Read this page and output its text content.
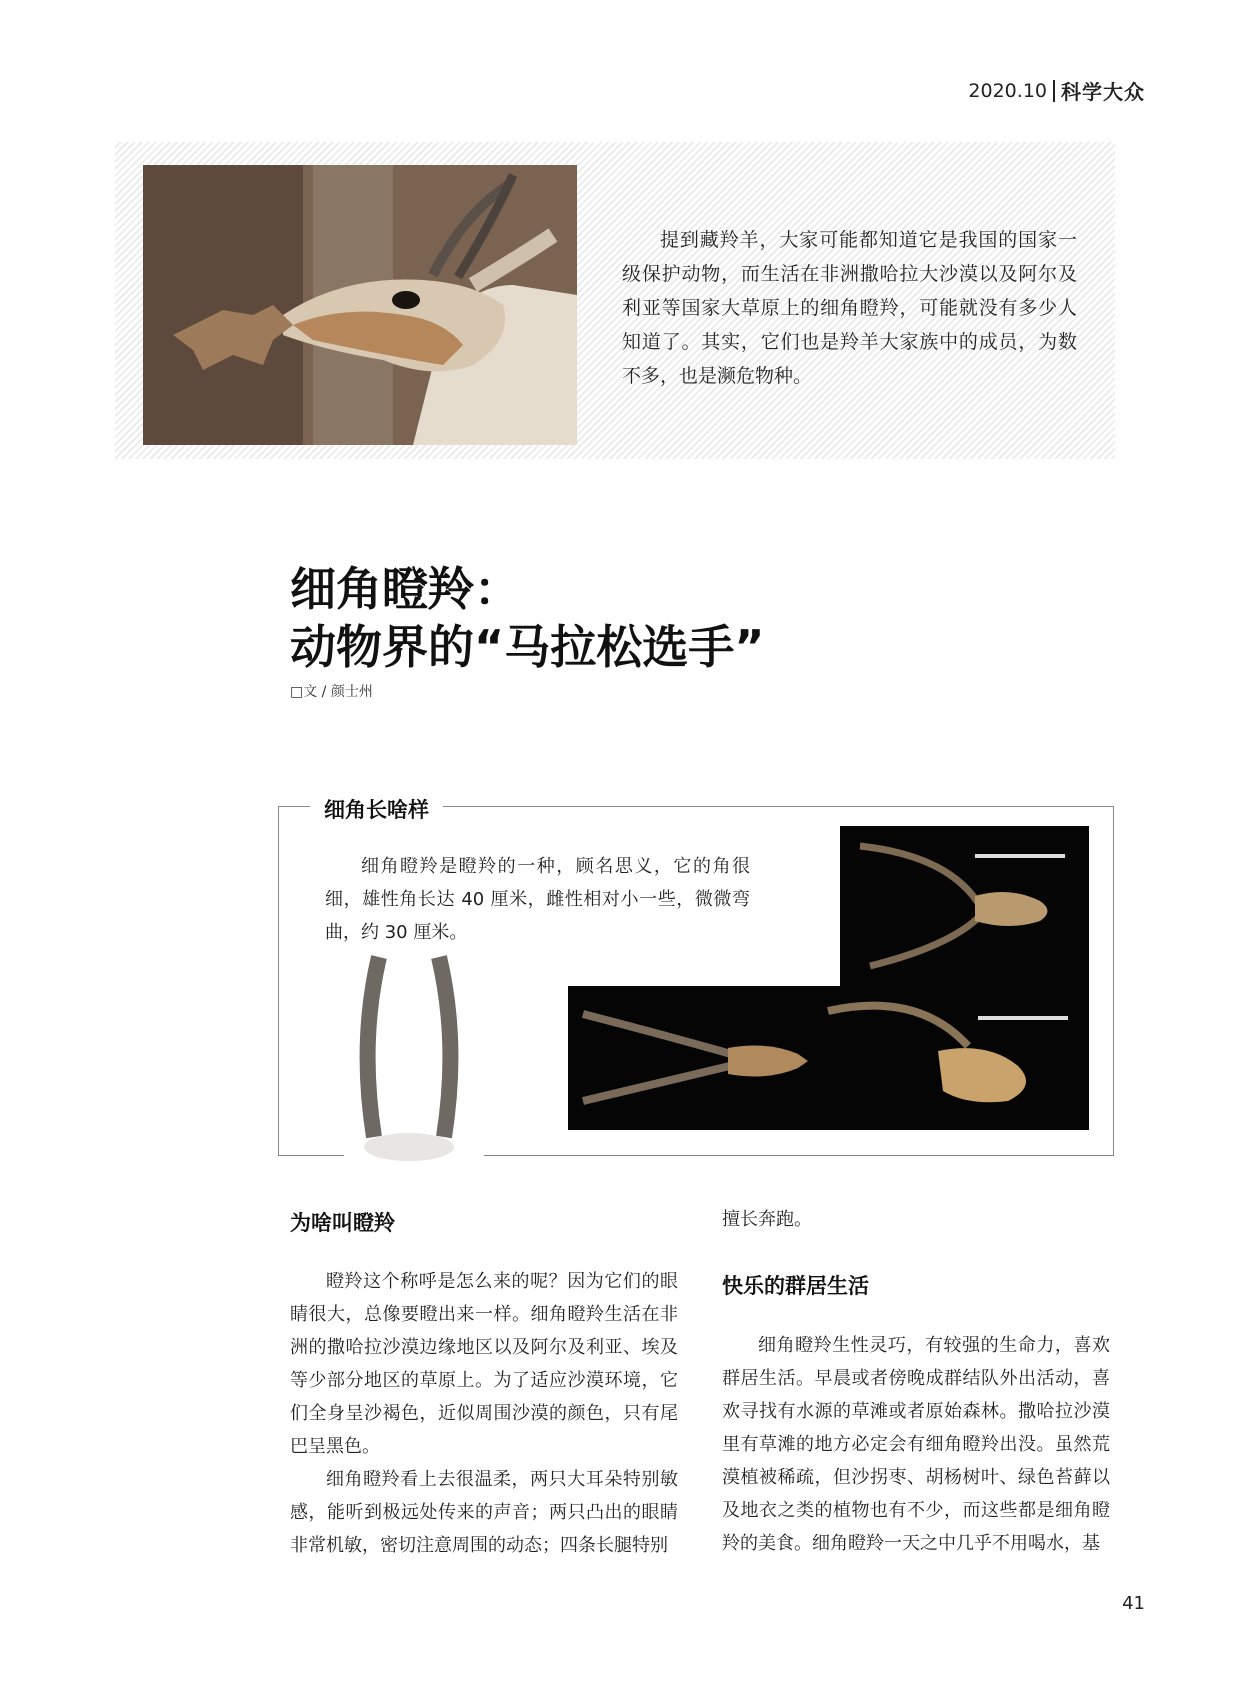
2020.10 科学大众
提到藏羚羊，大家可能都知道它是我国的国家一级保护动物，而生活在非洲撒哈拉大沙漠以及阿尔及利亚等国家大草原上的细角瞪羚，可能就没有多少人知道了。其实，它们也是羚羊大家族中的成员，为数不多，也是濒危物种。
细角瞪羚：
动物界的“马拉松选手”
□文 / 颜士州
细角长啥样
细角瞪羚是瞪羚的一种，顾名思义，它的角很细，雄性角长达 40 厘米，雌性相对小一些，微微弯曲，约 30 厘米。
为啥叫瞪羚

瞪羚这个称呼是怎么来的呢？因为它们的眼睛很大，总像要瞪出来一样。细角瞪羚生活在非洲的撒哈拉沙漠边缘地区以及阿尔及利亚、埃及等少部分地区的草原上。为了适应沙漠环境，它们全身呈沙褐色，近似周围沙漠的颜色，只有尾巴呈黑色。

细角瞪羚看上去很温柔，两只大耳朵特别敏感，能听到极远处传来的声音；两只凸出的眼睛非常机敏，密切注意周围的动态；四条长腿特别

擅长奔跑。

快乐的群居生活

细角瞪羚生性灵巧，有较强的生命力，喜欢群居生活。早晨或者傍晚成群结队外出活动，喜欢寻找有水源的草滩或者原始森林。撒哈拉沙漠里有草滩的地方必定会有细角瞪羚出没。虽然荒漠植被稀疏，但沙拐枣、胡杨树叶、绿色苔藓以及地衣之类的植物也有不少，而这些都是细角瞪羚的美食。细角瞪羚一天之中几乎不用喝水，基

41
